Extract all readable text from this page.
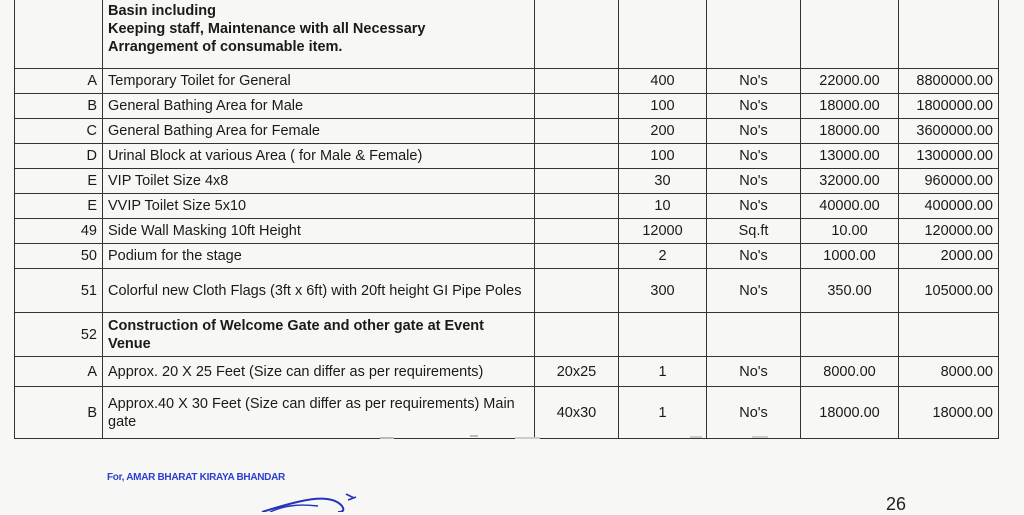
	Basin including
Keeping staff, Maintenance with all Necessary
Arrangement of consumable item.					

A	Temporary Toilet for General		400	No's	22000.00	8800000.00
B	General Bathing Area for Male		100	No's	18000.00	1800000.00
C	General Bathing Area for Female		200	No's	18000.00	3600000.00
D	Urinal Block at various Area ( for Male & Female)		100	No's	13000.00	1300000.00
E	VIP Toilet Size 4x8		30	No's	32000.00	960000.00
E	VVIP Toilet Size 5x10		10	No's	40000.00	400000.00
49	Side Wall Masking 10ft Height		12000	Sq.ft	10.00	120000.00
50	Podium for the stage		2	No's	1000.00	2000.00
51	Colorful new Cloth Flags (3ft x 6ft) with 20ft height GI Pipe Poles		300	No's	350.00	105000.00
52	Construction of Welcome Gate and other gate at Event Venue					
A	Approx. 20 X 25 Feet (Size can differ as per requirements)	20x25	1	No's	8000.00	8000.00
B	Approx.40 X 30 Feet (Size can differ as per requirements) Main gate	40x30	1	No's	18000.00	18000.00
For, AMAR BHARAT KIRAYA BHANDAR
26
